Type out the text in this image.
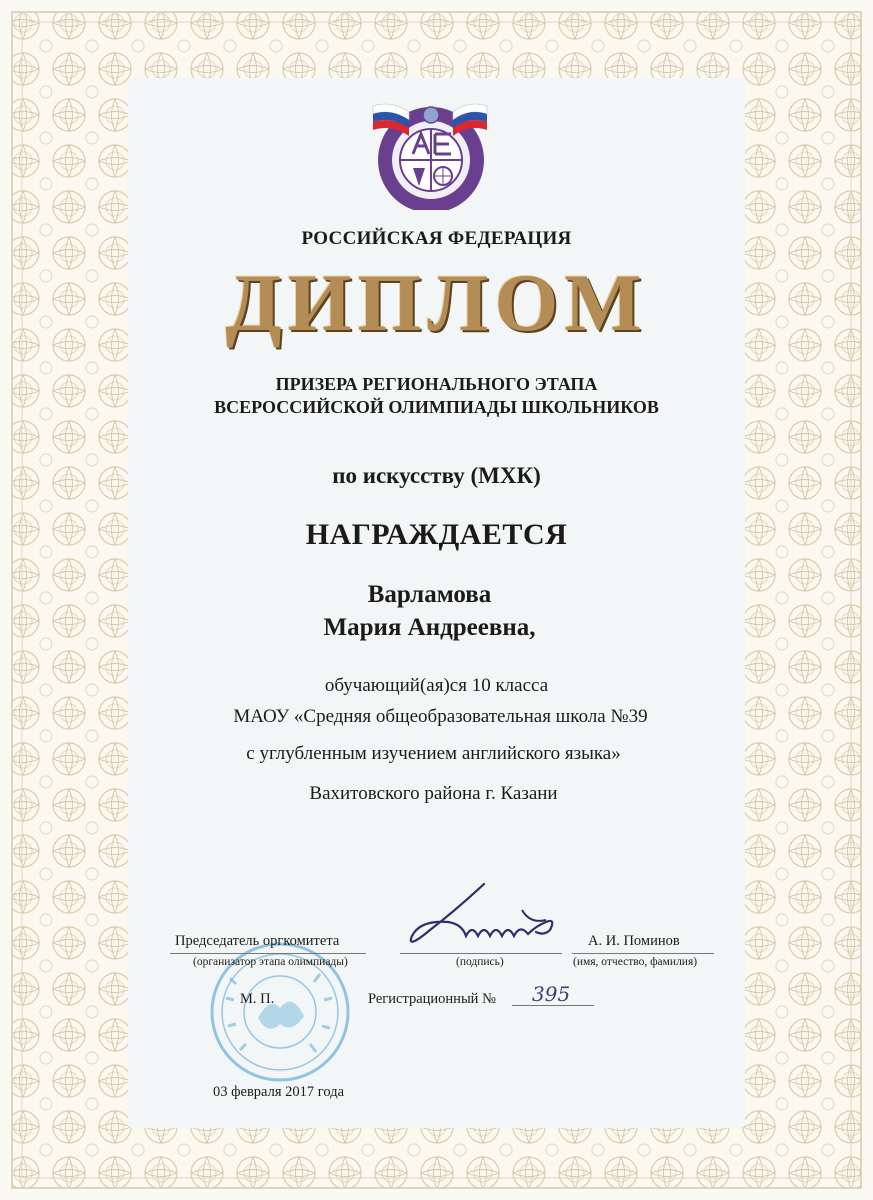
РОССИЙСКАЯ ФЕДЕРАЦИЯ
ДИПЛОМ
ПРИЗЕРА РЕГИОНАЛЬНОГО ЭТАПА
ВСЕРОССИЙСКОЙ ОЛИМПИАДЫ ШКОЛЬНИКОВ
по искусству (МХК)
НАГРАЖДАЕТСЯ
Варламова
Мария Андреевна,
обучающий(ая)ся 10 класса
МАОУ «Средняя общеобразовательная школа №39
с углубленным изучением английского языка»
Вахитовского района г. Казани
Председатель оргкомитета
(организатор этапа олимпиады)	(подпись)
А. И. Поминов
(имя, отчество, фамилия)
М. П.	Регистрационный № 395
03 февраля 2017 года
